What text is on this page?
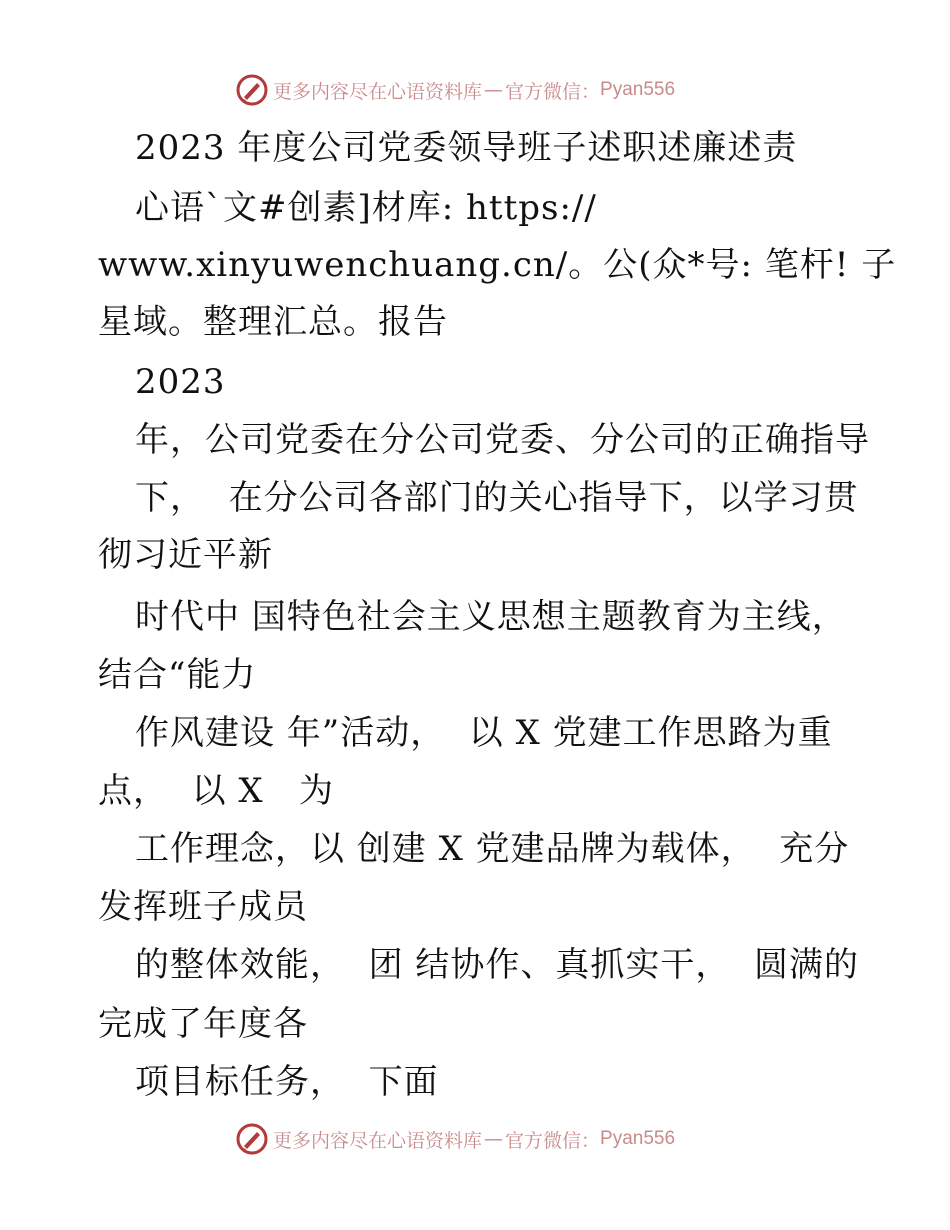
更多内容尽在心语资料库 — 官方微信： Pyan556
2023 年度公司党委领导班子述职述廉述责
心语`文#创素]材库: https://
www.xinyuwenchuang.cn/。公(众*号: 笔杆! 子
星域。整理汇总。报告
2023
年，公司党委在分公司党委、分公司的正确指导
下，  在分公司各部门的关心指导下，以学习贯
彻习近平新
时代中 国特色社会主义思想主题教育为主线，
结合“能力
作风建设 年”活动，  以 X 党建工作思路为重
点，  以 X   为
工作理念，以 创建 X 党建品牌为载体，  充分
发挥班子成员
的整体效能，  团 结协作、真抓实干，  圆满的
完成了年度各
项目标任务，  下面
更多内容尽在心语资料库 — 官方微信： Pyan556
